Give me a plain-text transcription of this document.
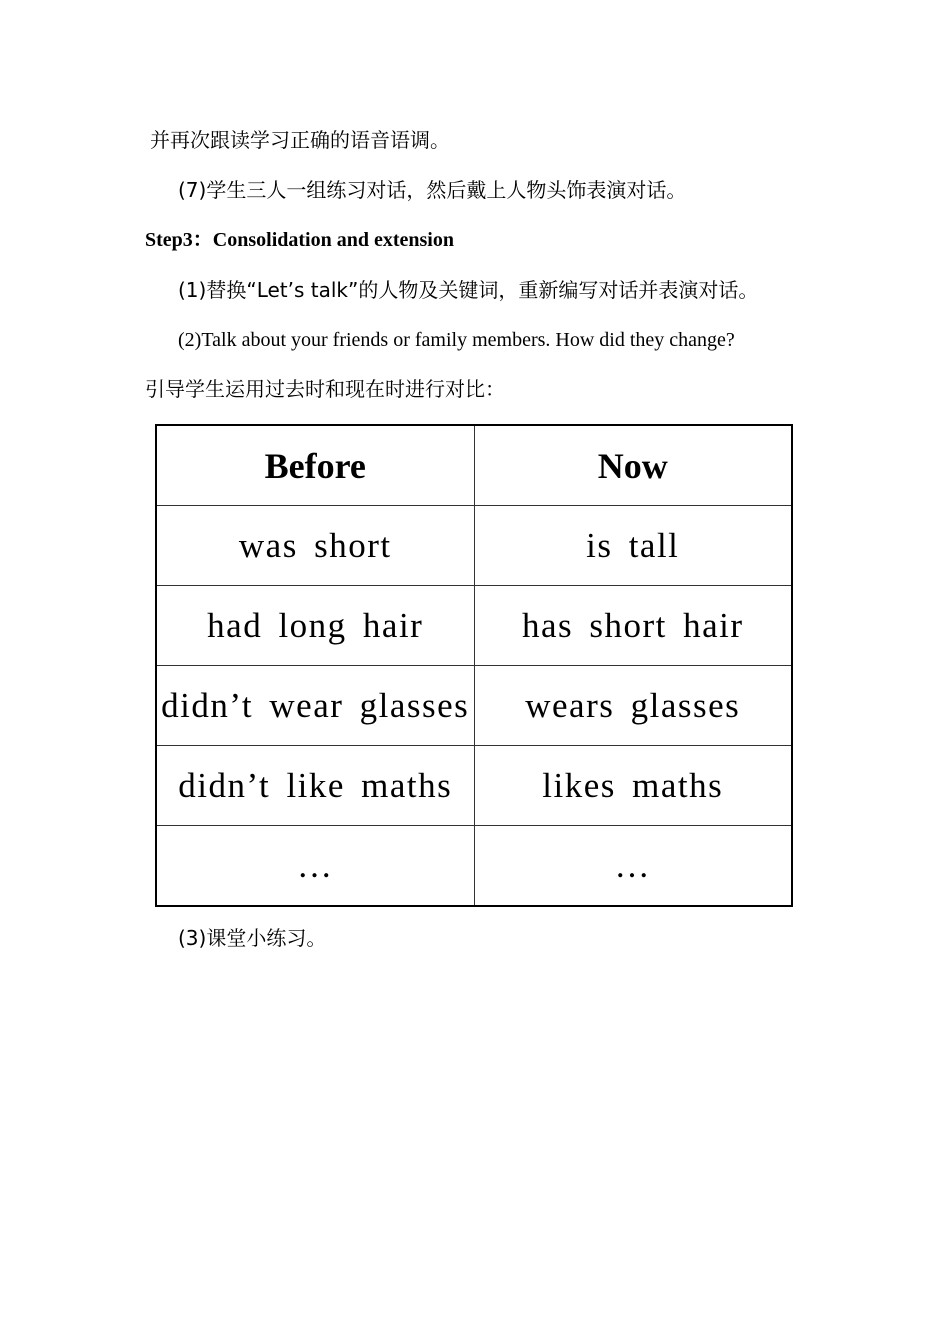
并再次跟读学习正确的语音语调。
(7)学生三人一组练习对话，然后戴上人物头饰表演对话。
Step3：Consolidation and extension
(1)替换“Let’s talk”的人物及关键词，重新编写对话并表演对话。
(2)Talk about your friends or family members. How did they change?
引导学生运用过去时和现在时进行对比：
Before	Now
was short	is tall
had long hair	has short hair
didn’t wear glasses	wears glasses
didn’t like maths	likes maths
…	…
(3)课堂小练习。
